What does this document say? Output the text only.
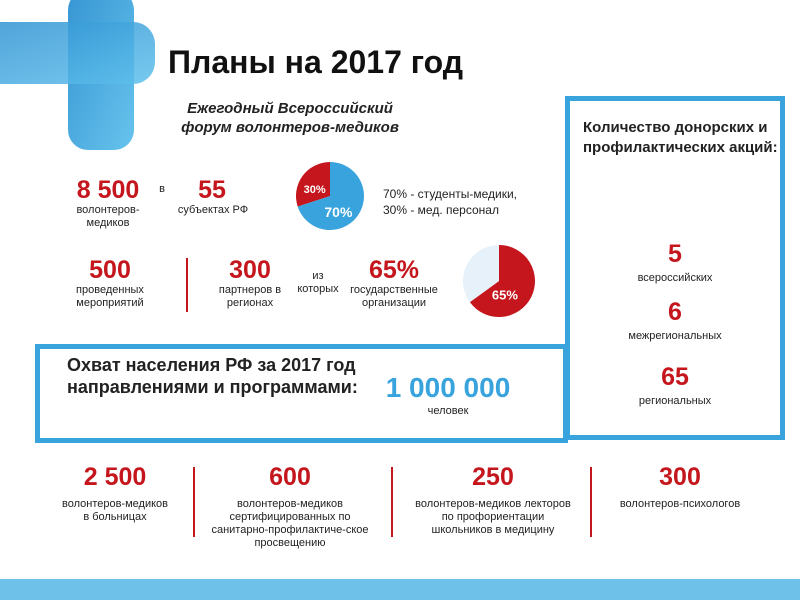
Планы на 2017 год
Ежегодный Всероссийский форум волонтеров-медиков
8 500
волонтеров-медиков
в	55
субъектах РФ	70%
30%	70% - студенты-медики,
30% - мед. персонал
500
проведенных мероприятий
300
партнеров в регионах
из которых
65%
государственные организации
65%
Охват населения РФ за 2017 год направлениями и программами: 1 000 000
человек
Количество донорских и профилактических акций:
5
всероссийских
6
межрегиональных
65
региональных
2 500
волонтеров-медиков в больницах
600
волонтеров-медиков сертифицированных по санитарно-профилактиче-ское просвещению
250
волонтеров-медиков лекторов по профориентации школьников в медицину
300
волонтеров-психологов
